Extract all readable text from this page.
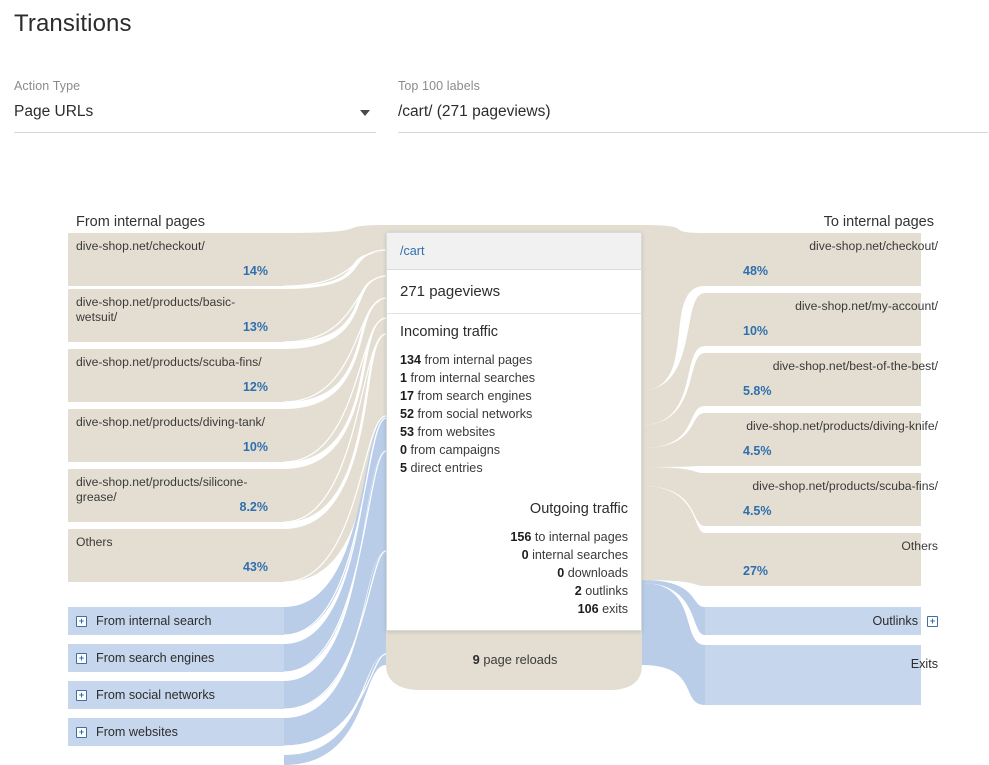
Transitions
Action Type
Page URLs
Top 100 labels
/cart/ (271 pageviews)
From internal pages	To internal pages
dive-shop.net/checkout/
14%
dive-shop.net/products/basic-wetsuit/
13%
dive-shop.net/products/scuba-fins/
12%
dive-shop.net/products/diving-tank/
10%
dive-shop.net/products/silicone-grease/
8.2%
Others
43%
+ From internal search
+ From search engines
+ From social networks
+ From websites
dive-shop.net/checkout/
48%
dive-shop.net/my-account/
10%
dive-shop.net/best-of-the-best/
5.8%
dive-shop.net/products/diving-knife/
4.5%
dive-shop.net/products/scuba-fins/
4.5%
Others
27%
Outlinks	+
Exits
9 page reloads
/cart
271 pageviews
Incoming traffic
134 from internal pages
1 from internal searches
17 from search engines
52 from social networks
53 from websites
0 from campaigns
5 direct entries
Outgoing traffic
156 to internal pages
0 internal searches
0 downloads
2 outlinks
106 exits
